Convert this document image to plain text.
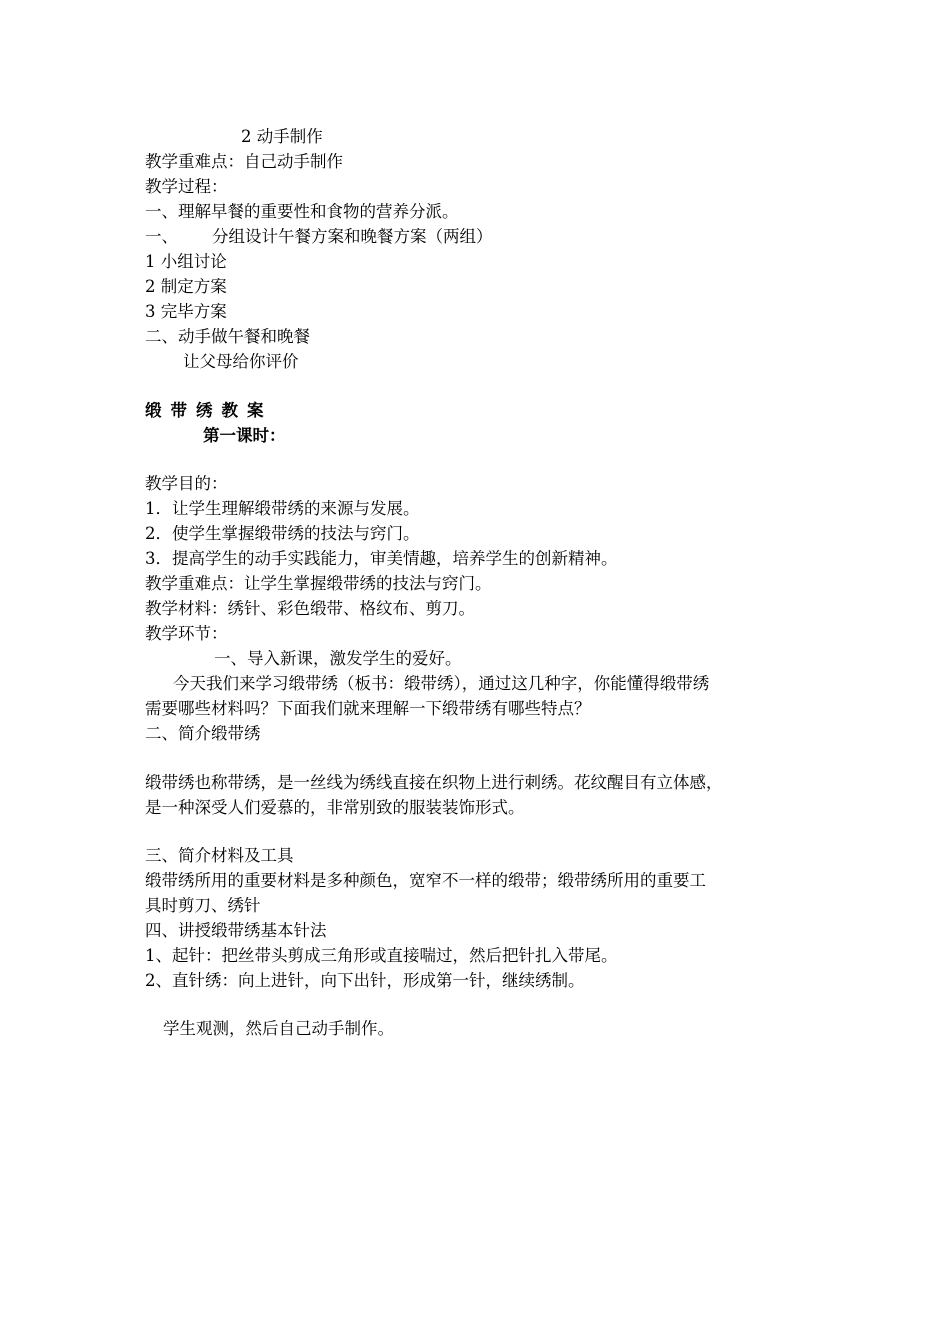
2 动手制作
教学重难点：自己动手制作
教学过程：
一、理解早餐的重要性和食物的营养分派。
一、 分组设计午餐方案和晚餐方案（两组）
1 小组讨论
2 制定方案
3 完毕方案
二、动手做午餐和晚餐
让父母给你评价
缎带绣教案
第一课时：
教学目的：
1．让学生理解缎带绣的来源与发展。
2．使学生掌握缎带绣的技法与窍门。
3．提高学生的动手实践能力，审美情趣，培养学生的创新精神。
教学重难点：让学生掌握缎带绣的技法与窍门。
教学材料：绣针、彩色缎带、格纹布、剪刀。
教学环节：
一、导入新课，激发学生的爱好。
今天我们来学习缎带绣（板书：缎带绣），通过这几种字，你能懂得缎带绣
需要哪些材料吗？下面我们就来理解一下缎带绣有哪些特点？
二、简介缎带绣
缎带绣也称带绣，是一丝线为绣线直接在织物上进行刺绣。花纹醒目有立体感，
是一种深受人们爱慕的，非常别致的服装装饰形式。
三、简介材料及工具
缎带绣所用的重要材料是多种颜色，宽窄不一样的缎带；缎带绣所用的重要工
具时剪刀、绣针
四、讲授缎带绣基本针法
1、起针：把丝带头剪成三角形或直接喘过，然后把针扎入带尾。
2、直针绣：向上进针，向下出针，形成第一针，继续绣制。
学生观测，然后自己动手制作。
